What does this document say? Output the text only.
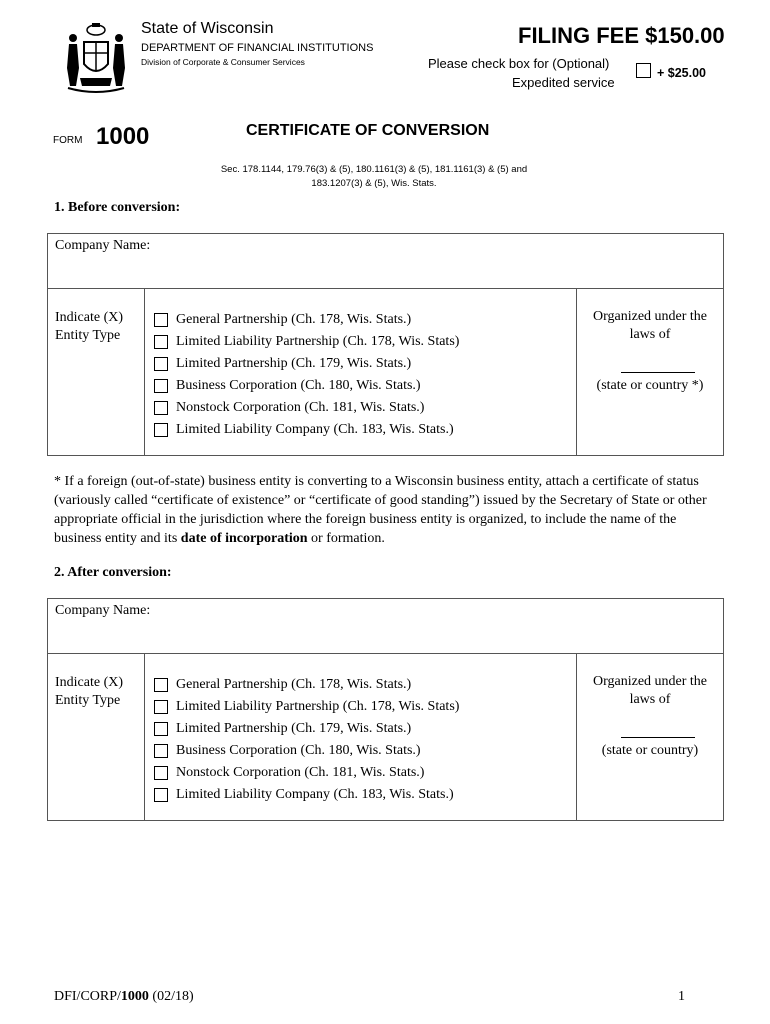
State of Wisconsin
DEPARTMENT OF FINANCIAL INSTITUTIONS
Division of Corporate & Consumer Services
FILING FEE $150.00
Please check box for (Optional)
Expedited service
+ $25.00
FORM 1000	CERTIFICATE OF CONVERSION
Sec. 178.1144, 179.76(3) & (5), 180.1161(3) & (5), 181.1161(3) & (5) and
183.1207(3) & (5), Wis. Stats.
1. Before conversion:
Company Name:
Indicate (X)
Entity Type
General Partnership (Ch. 178, Wis. Stats.)
Limited Liability Partnership (Ch. 178, Wis. Stats)
Limited Partnership (Ch. 179, Wis. Stats.)
Business Corporation (Ch. 180, Wis. Stats.)
Nonstock Corporation (Ch. 181, Wis. Stats.)
Limited Liability Company (Ch. 183, Wis. Stats.)
Organized under the
laws of
(state or country *)
* If a foreign (out-of-state) business entity is converting to a Wisconsin business entity, attach a certificate of status (variously called “certificate of existence” or “certificate of good standing”) issued by the Secretary of State or other appropriate official in the jurisdiction where the foreign business entity is organized, to include the name of the business entity and its date of incorporation or formation.
2. After conversion:
Company Name:
Indicate (X)
Entity Type
General Partnership (Ch. 178, Wis. Stats.)
Limited Liability Partnership (Ch. 178, Wis. Stats)
Limited Partnership (Ch. 179, Wis. Stats.)
Business Corporation (Ch. 180, Wis. Stats.)
Nonstock Corporation (Ch. 181, Wis. Stats.)
Limited Liability Company (Ch. 183, Wis. Stats.)
Organized under the
laws of
(state or country)
DFI/CORP/1000 (02/18)	1
